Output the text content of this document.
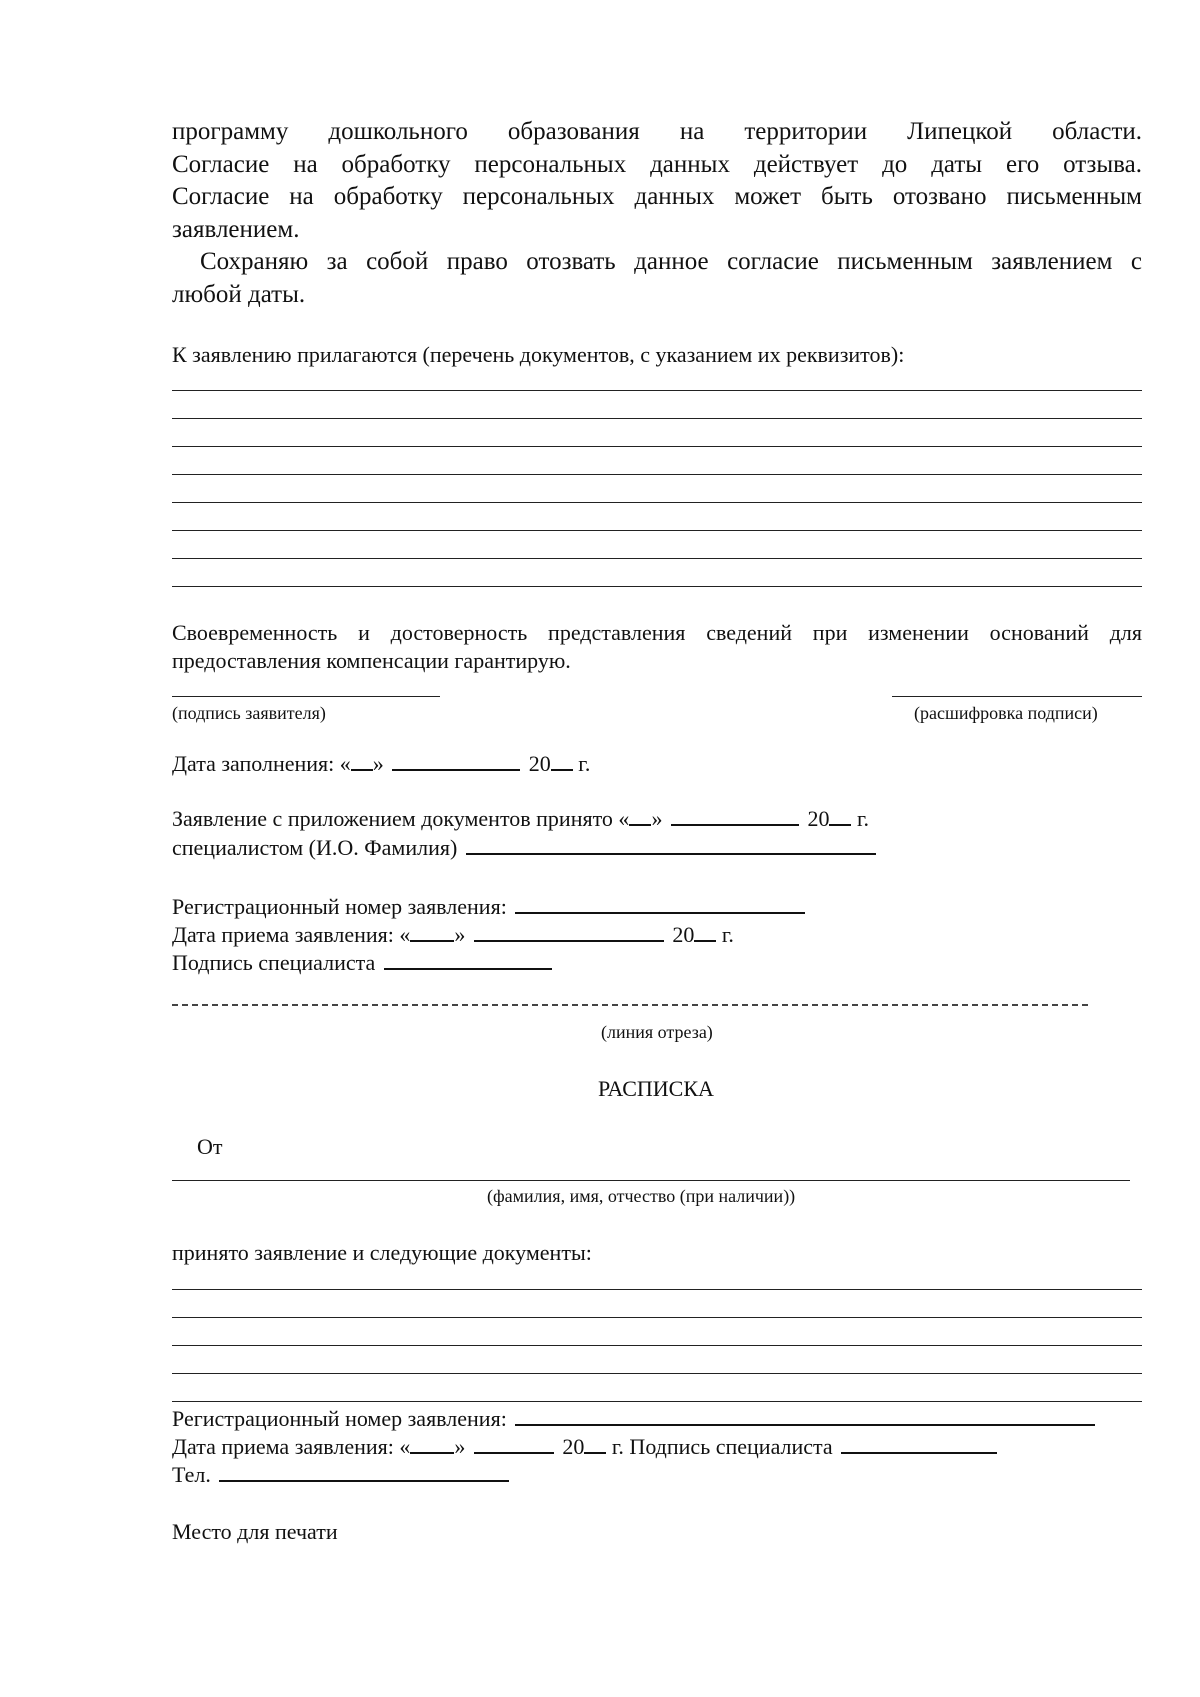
программу дошкольного образования на территории Липецкой области.
Согласие на обработку персональных данных действует до даты его отзыва.
Согласие на обработку персональных данных может быть отозвано письменным
заявлением.
Сохраняю за собой право отозвать данное согласие письменным заявлением с
любой даты.
К заявлению прилагаются (перечень документов, с указанием их реквизитов):
Своевременность и достоверность представления сведений при изменении оснований для
предоставления компенсации гарантирую.
(подпись заявителя)	(расшифровка подписи)
Дата заполнения: « »	20 г.
Заявление с приложением документов принято « »	20 г.
специалистом (И.О. Фамилия)
Регистрационный номер заявления:
Дата приема заявления: « »	20 г.
Подпись специалиста
(линия отреза)
РАСПИСКА
От
(фамилия, имя, отчество (при наличии))
принято заявление и следующие документы:
Регистрационный номер заявления:
Дата приема заявления: « »	20 г. Подпись специалиста
Тел.
Место для печати
